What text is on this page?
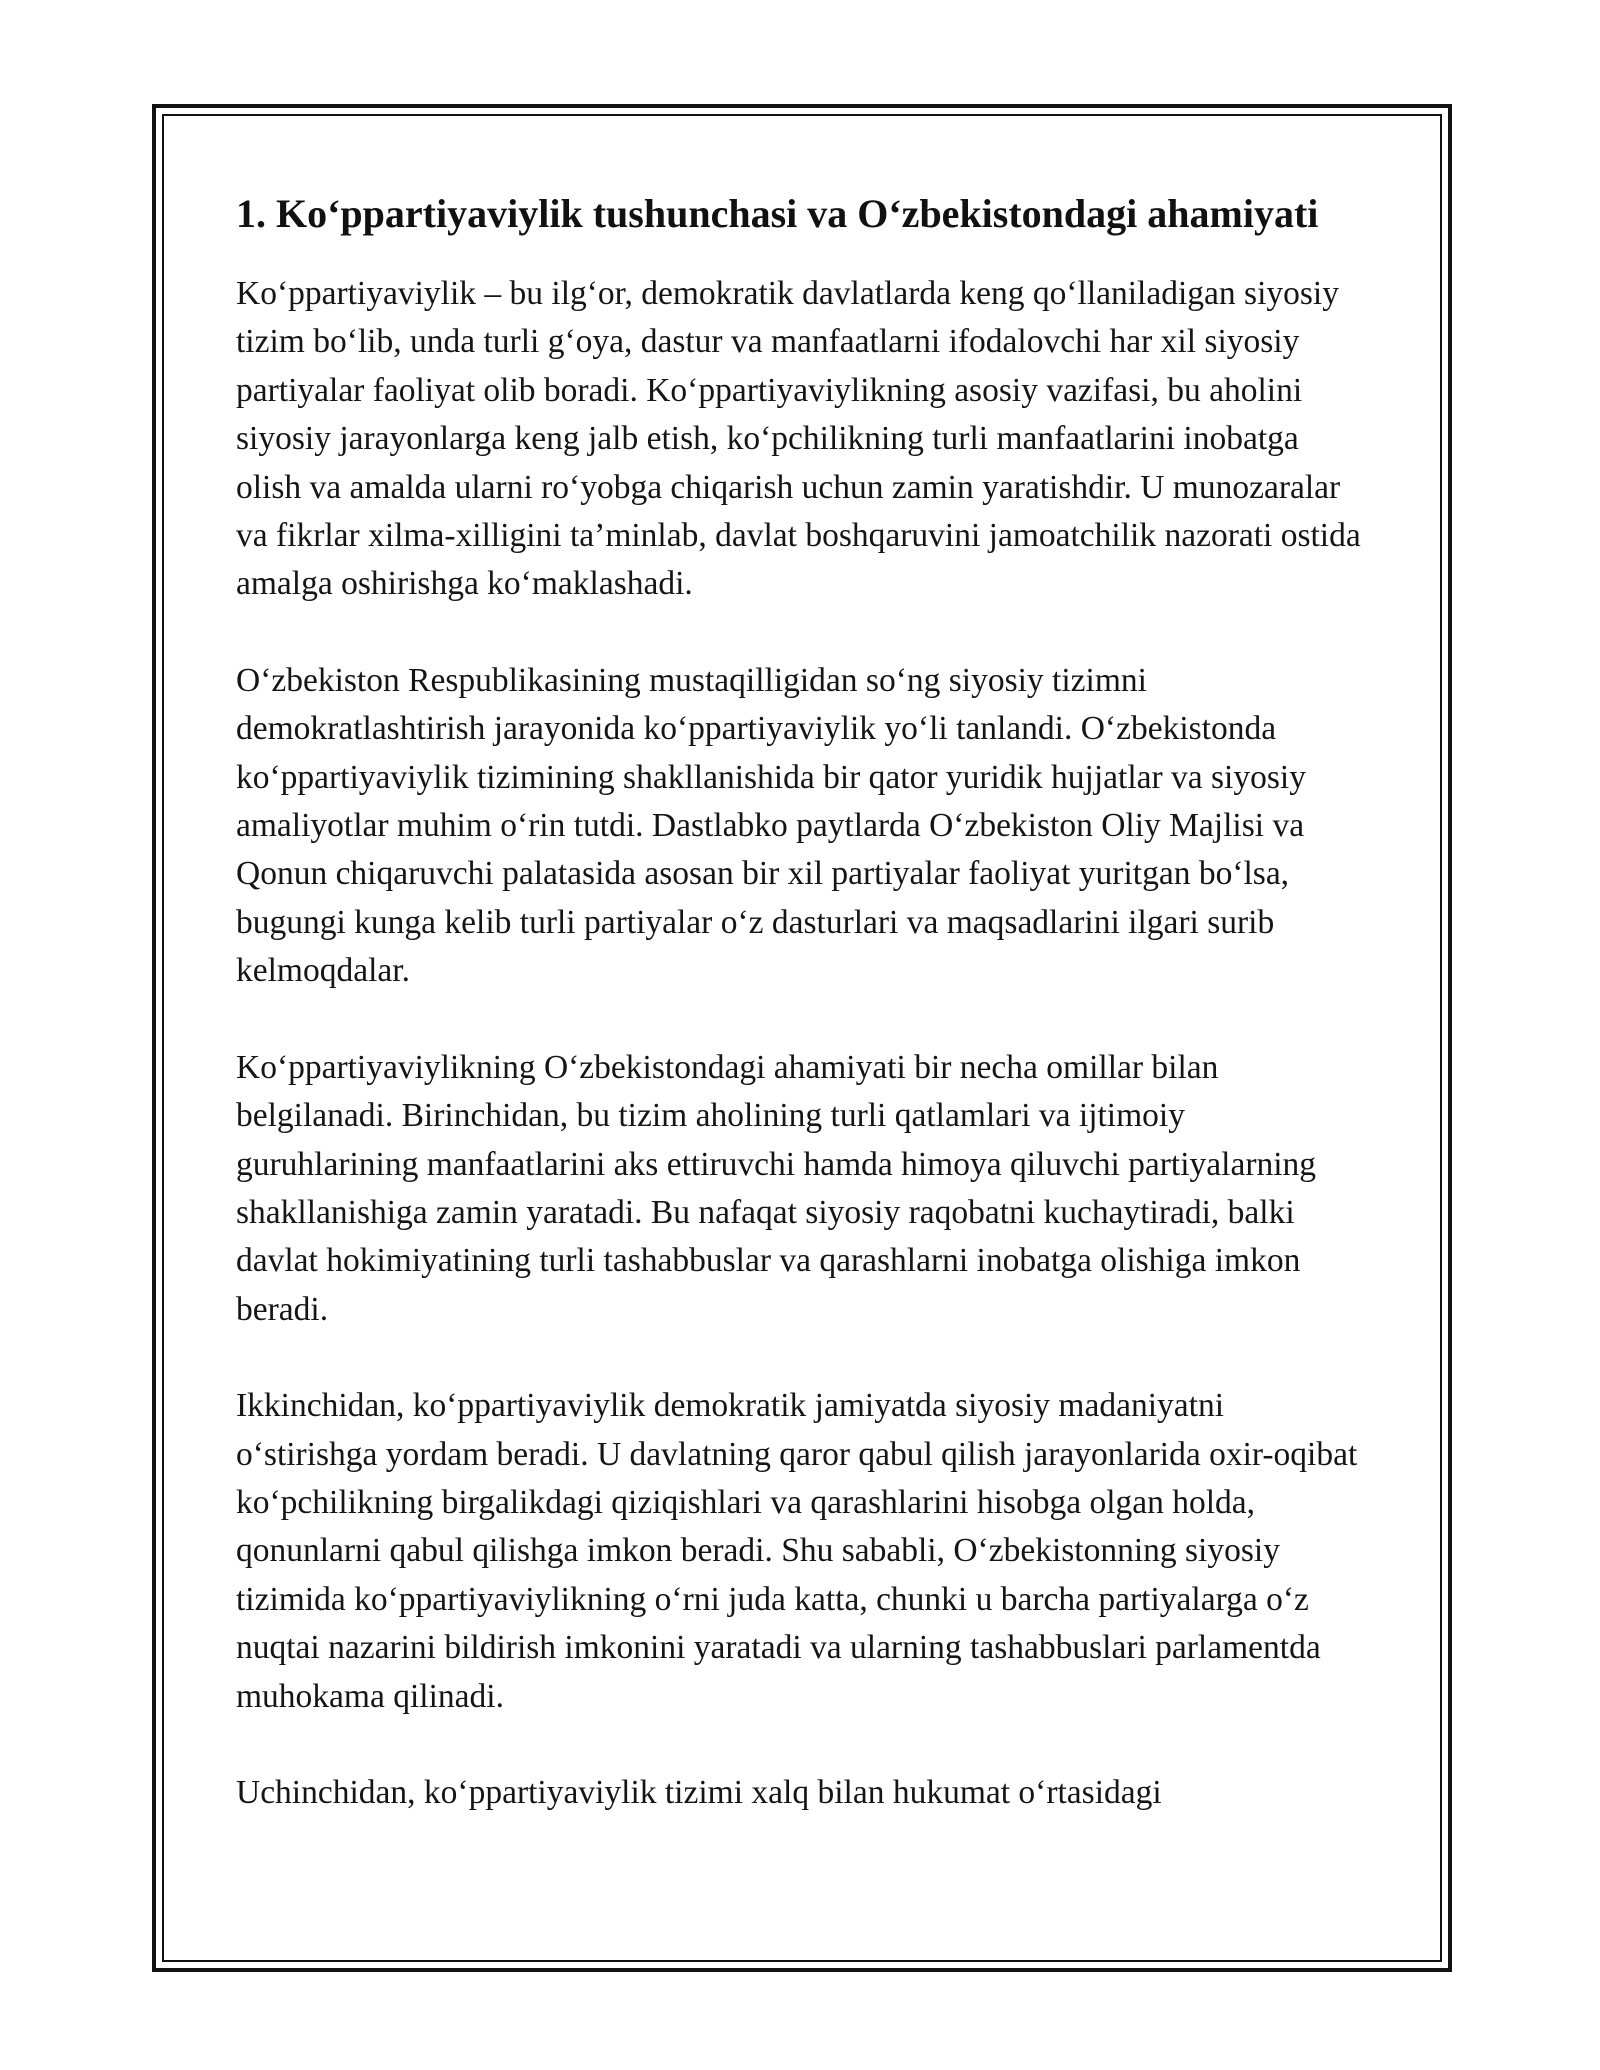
1. Ko‘ppartiyaviylik tushunchasi va O‘zbekistondagi ahamiyati

Ko‘ppartiyaviylik – bu ilg‘or, demokratik davlatlarda keng qo‘llaniladigan siyosiy tizim bo‘lib, unda turli g‘oya, dastur va manfaatlarni ifodalovchi har xil siyosiy partiyalar faoliyat olib boradi. Ko‘ppartiyaviylikning asosiy vazifasi, bu aholini siyosiy jarayonlarga keng jalb etish, ko‘pchilikning turli manfaatlarini inobatga olish va amalda ularni ro‘yobga chiqarish uchun zamin yaratishdir. U munozaralar va fikrlar xilma-xilligini ta’minlab, davlat boshqaruvini jamoatchilik nazorati ostida amalga oshirishga ko‘maklashadi.

O‘zbekiston Respublikasining mustaqilligidan so‘ng siyosiy tizimni demokratlashtirish jarayonida ko‘ppartiyaviylik yo‘li tanlandi. O‘zbekistonda ko‘ppartiyaviylik tizimining shakllanishida bir qator yuridik hujjatlar va siyosiy amaliyotlar muhim o‘rin tutdi. Dastlabko paytlarda O‘zbekiston Oliy Majlisi va Qonun chiqaruvchi palatasida asosan bir xil partiyalar faoliyat yuritgan bo‘lsa, bugungi kunga kelib turli partiyalar o‘z dasturlari va maqsadlarini ilgari surib kelmoqdalar.

Ko‘ppartiyaviylikning O‘zbekistondagi ahamiyati bir necha omillar bilan belgilanadi. Birinchidan, bu tizim aholining turli qatlamlari va ijtimoiy guruhlarining manfaatlarini aks ettiruvchi hamda himoya qiluvchi partiyalarning shakllanishiga zamin yaratadi. Bu nafaqat siyosiy raqobatni kuchaytiradi, balki davlat hokimiyatining turli tashabbuslar va qarashlarni inobatga olishiga imkon beradi.

Ikkinchidan, ko‘ppartiyaviylik demokratik jamiyatda siyosiy madaniyatni o‘stirishga yordam beradi. U davlatning qaror qabul qilish jarayonlarida oxir-oqibat ko‘pchilikning birgalikdagi qiziqishlari va qarashlarini hisobga olgan holda, qonunlarni qabul qilishga imkon beradi. Shu sababli, O‘zbekistonning siyosiy tizimida ko‘ppartiyaviylikning o‘rni juda katta, chunki u barcha partiyalarga o‘z nuqtai nazarini bildirish imkonini yaratadi va ularning tashabbuslari parlamentda muhokama qilinadi.

Uchinchidan, ko‘ppartiyaviylik tizimi xalq bilan hukumat o‘rtasidagi
